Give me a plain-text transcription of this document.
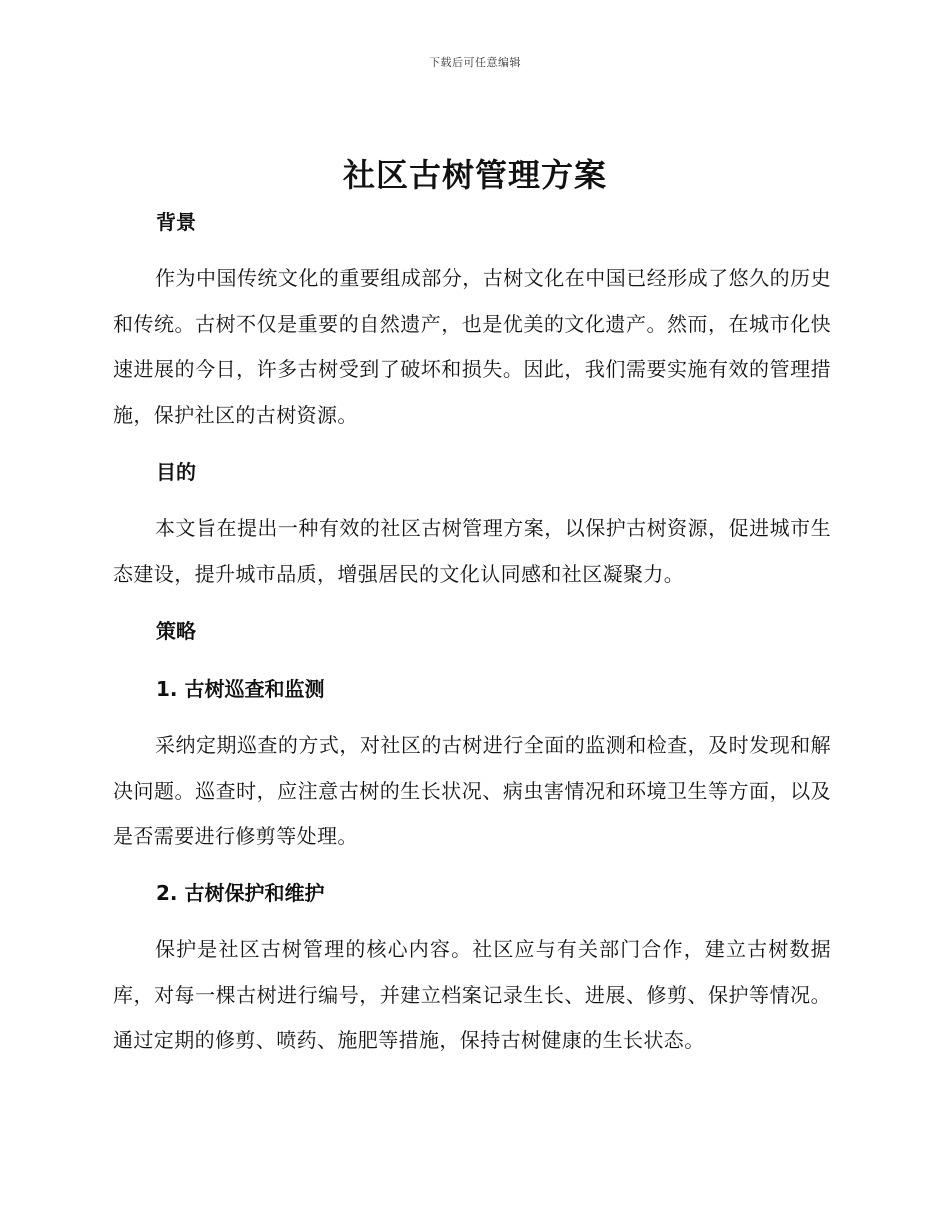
下载后可任意编辑
社区古树管理方案

背景

作为中国传统文化的重要组成部分，古树文化在中国已经形成了悠久的历史和传统。古树不仅是重要的自然遗产，也是优美的文化遗产。然而，在城市化快速进展的今日，许多古树受到了破坏和损失。因此，我们需要实施有效的管理措施，保护社区的古树资源。

目的

本文旨在提出一种有效的社区古树管理方案，以保护古树资源，促进城市生态建设，提升城市品质，增强居民的文化认同感和社区凝聚力。

策略

1. 古树巡查和监测

采纳定期巡查的方式，对社区的古树进行全面的监测和检查，及时发现和解决问题。巡查时，应注意古树的生长状况、病虫害情况和环境卫生等方面，以及是否需要进行修剪等处理。

2. 古树保护和维护

保护是社区古树管理的核心内容。社区应与有关部门合作，建立古树数据库，对每一棵古树进行编号，并建立档案记录生长、进展、修剪、保护等情况。通过定期的修剪、喷药、施肥等措施，保持古树健康的生长状态。
